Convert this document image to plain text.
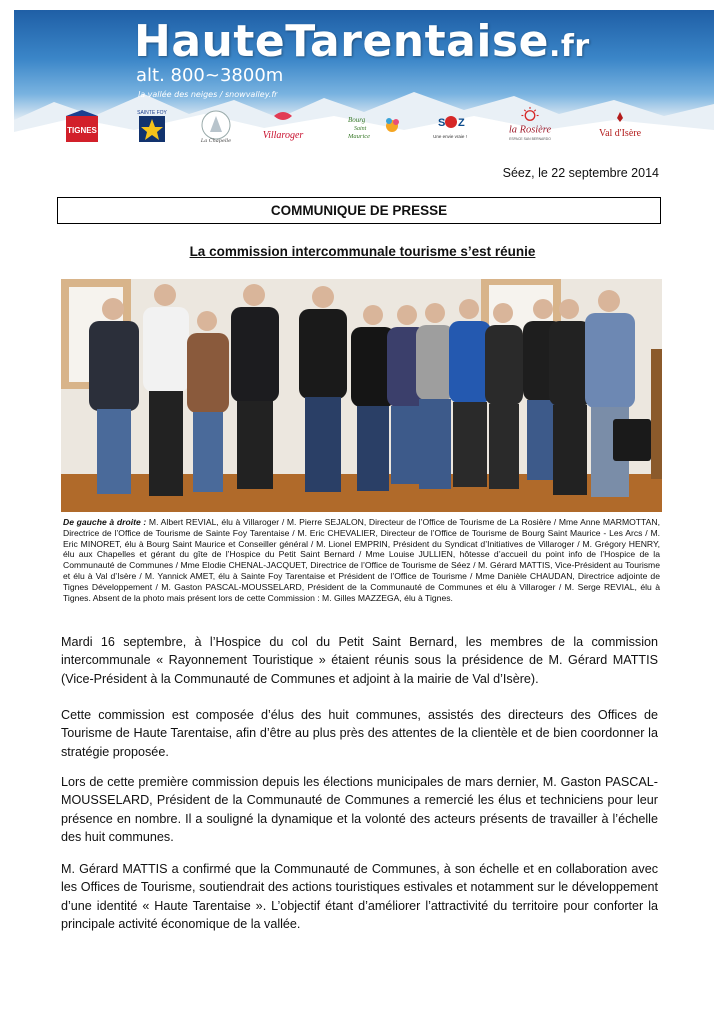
HauteTarentaise.fr
alt. 800~3800m
la vallée des neiges / snowvalley.fr
TIGNES
SAINTE FOY
La Chapelle	Villaroger
Bourg
Saint
Maurice
S Z
Une envie vraie !
la Rosière
ESPACE SAN BERNARDO
Val d'Isère
Séez, le 22 septembre 2014
COMMUNIQUE DE PRESSE
La commission intercommunale tourisme s’est réunie
De gauche à droite : M. Albert REVIAL, élu à Villaroger / M. Pierre SEJALON, Directeur de l’Office de Tourisme de La Rosière / Mme Anne MARMOTTAN, Directrice de l’Office de Tourisme de Sainte Foy Tarentaise / M. Eric CHEVALIER, Directeur de l’Office de Tourisme de Bourg Saint Maurice - Les Arcs / M. Eric MINORET, élu à Bourg Saint Maurice et Conseiller général / M. Lionel EMPRIN, Président du Syndicat d’Initiatives de Villaroger / M. Grégory HENRY, élu aux Chapelles et gérant du gîte de l’Hospice du Petit Saint Bernard / Mme Louise JULLIEN, hôtesse d’accueil du point info de l’Hospice de la Communauté de Communes / Mme Elodie CHENAL-JACQUET, Directrice de l’Office de Tourisme de Séez / M. Gérard MATTIS, Vice-Président au Tourisme et élu à Val d’Isère / M. Yannick AMET, élu à Sainte Foy Tarentaise et Président de l’Office de Tourisme / Mme Danièle CHAUDAN, Directrice adjointe de Tignes Développement / M. Gaston PASCAL-MOUSSELARD, Président de la Communauté de Communes et élu à Villaroger / M. Serge REVIAL, élu à Tignes. Absent de la photo mais présent lors de cette Commission : M. Gilles MAZZEGA, élu à Tignes.
Mardi 16 septembre, à l’Hospice du col du Petit Saint Bernard, les membres de la commission intercommunale « Rayonnement Touristique » étaient réunis sous la présidence de M. Gérard MATTIS (Vice-Président à la Communauté de Communes et adjoint à la mairie de Val d’Isère).
Cette commission est composée d’élus des huit communes, assistés des directeurs des Offices de Tourisme de Haute Tarentaise, afin d’être au plus près des attentes de la clientèle et de bien coordonner la stratégie proposée.
Lors de cette première commission depuis les élections municipales de mars dernier, M. Gaston PASCAL-MOUSSELARD, Président de la Communauté de Communes a remercié les élus et techniciens pour leur présence en nombre. Il a souligné la dynamique et la volonté des acteurs présents de travailler à l’échelle des huit communes.
M. Gérard MATTIS a confirmé que la Communauté de Communes, à son échelle et en collaboration avec les Offices de Tourisme, soutiendrait des actions touristiques estivales et notamment sur le développement d’une identité « Haute Tarentaise ». L’objectif étant d’améliorer l’attractivité du territoire pour conforter la principale activité économique de la vallée.
